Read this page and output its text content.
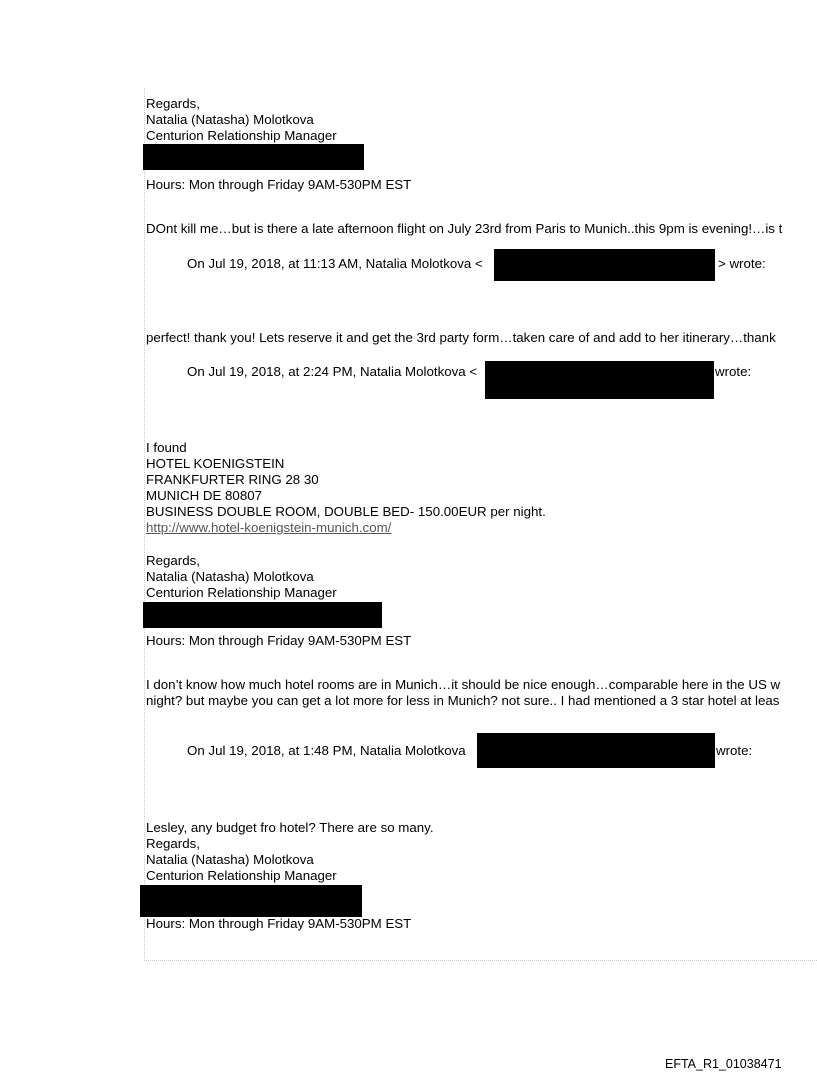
Regards,

Natalia (Natasha) Molotkova

Centurion Relationship Manager

Hours: Mon through Friday 9AM-530PM EST

DOnt kill me…but is there a late afternoon flight on July 23rd from Paris to Munich..this 9pm is evening!…is t

On Jul 19, 2018, at 11:13 AM, Natalia Molotkova <	> wrote:

perfect! thank you! Lets reserve it and get the 3rd party form…taken care of and add to her itinerary…thank

On Jul 19, 2018, at 2:24 PM, Natalia Molotkova <	wrote:

I found

HOTEL KOENIGSTEIN

FRANKFURTER RING 28 30

MUNICH DE 80807

BUSINESS DOUBLE ROOM, DOUBLE BED- 150.00EUR per night.

http://www.hotel-koenigstein-munich.com/

Regards,

Natalia (Natasha) Molotkova

Centurion Relationship Manager

Hours: Mon through Friday 9AM-530PM EST

I don’t know how much hotel rooms are in Munich…it should be nice enough…comparable here in the US w

night? but maybe you can get a lot more for less in Munich? not sure.. I had mentioned a 3 star hotel at leas

On Jul 19, 2018, at 1:48 PM, Natalia Molotkova	wrote:

Lesley, any budget fro hotel? There are so many.

Regards,

Natalia (Natasha) Molotkova

Centurion Relationship Manager

Hours: Mon through Friday 9AM-530PM EST

EFTA_R1_01038471
